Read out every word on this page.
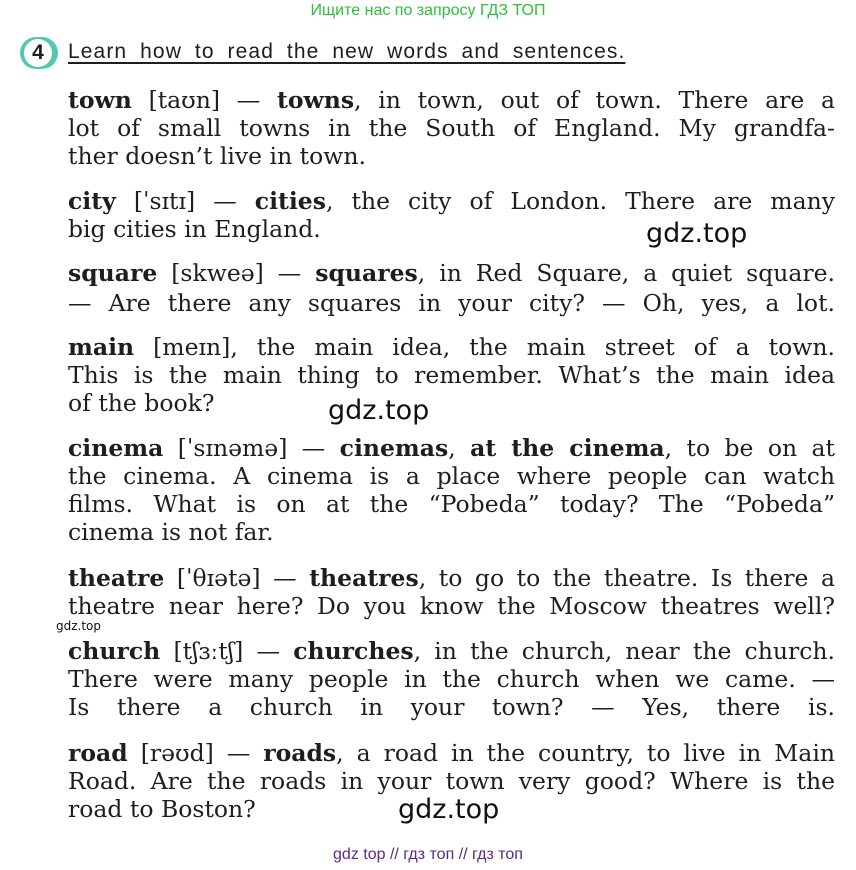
Ищите нас по запросу ГДЗ ТОП
4	Learn how to read the new words and sentences.
town [taʊn] — towns, in town, out of town. There are a
lot of small towns in the South of England. My grandfa-
ther doesn’t live in town.
city [ˈsɪtɪ] — cities, the city of London. There are many
big cities in England.
square [skweə] — squares, in Red Square, a quiet square.
— Are there any squares in your city? — Oh, yes, a lot.
main [meɪn], the main idea, the main street of a town.
This is the main thing to remember. What’s the main idea
of the book?
cinema [ˈsɪnəmə] — cinemas, at the cinema, to be on at
the cinema. A cinema is a place where people can watch
films. What is on at the “Pobeda” today? The “Pobeda”
cinema is not far.
theatre [ˈθɪətə] — theatres, to go to the theatre. Is there a
theatre near here? Do you know the Moscow theatres well?
church [tʃɜːtʃ] — churches, in the church, near the church.
There were many people in the church when we came. —
Is there a church in your town? — Yes, there is.
road [rəʊd] — roads, a road in the country, to live in Main
Road. Are the roads in your town very good? Where is the
road to Boston?
gdz.top
gdz.top
gdz.top
gdz.top
gdz top // гдз топ // гдз топ
